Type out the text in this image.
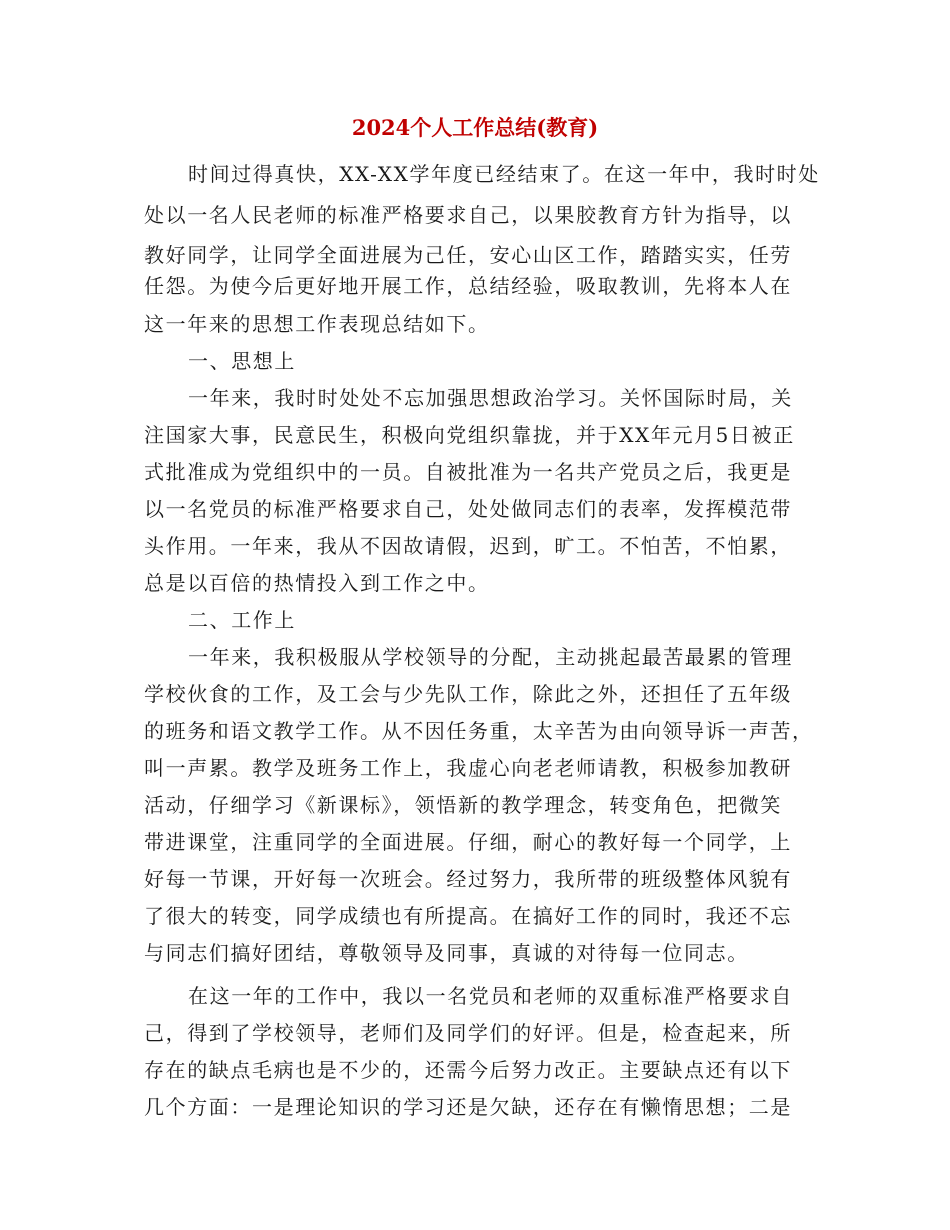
2024个人工作总结(教育)
时间过得真快，XX-XX学年度已经结束了。在这一年中，我时时处
处以一名人民老师的标准严格要求自己，以果胶教育方针为指导，以
教好同学，让同学全面进展为己任，安心山区工作，踏踏实实，任劳
任怨。为使今后更好地开展工作，总结经验，吸取教训，先将本人在
这一年来的思想工作表现总结如下。
一、思想上
一年来，我时时处处不忘加强思想政治学习。关怀国际时局，关
注国家大事，民意民生，积极向党组织靠拢，并于XX年元月5日被正
式批准成为党组织中的一员。自被批准为一名共产党员之后，我更是
以一名党员的标准严格要求自己，处处做同志们的表率，发挥模范带
头作用。一年来，我从不因故请假，迟到，旷工。不怕苦，不怕累，
总是以百倍的热情投入到工作之中。
二、工作上
一年来，我积极服从学校领导的分配，主动挑起最苦最累的管理
学校伙食的工作，及工会与少先队工作，除此之外，还担任了五年级
的班务和语文教学工作。从不因任务重，太辛苦为由向领导诉一声苦，
叫一声累。教学及班务工作上，我虚心向老老师请教，积极参加教研
活动，仔细学习《新课标》，领悟新的教学理念，转变角色，把微笑
带进课堂，注重同学的全面进展。仔细，耐心的教好每一个同学，上
好每一节课，开好每一次班会。经过努力，我所带的班级整体风貌有
了很大的转变，同学成绩也有所提高。在搞好工作的同时，我还不忘
与同志们搞好团结，尊敬领导及同事，真诚的对待每一位同志。
在这一年的工作中，我以一名党员和老师的双重标准严格要求自
己，得到了学校领导，老师们及同学们的好评。但是，检查起来，所
存在的缺点毛病也是不少的，还需今后努力改正。主要缺点还有以下
几个方面：一是理论知识的学习还是欠缺，还存在有懒惰思想；二是
